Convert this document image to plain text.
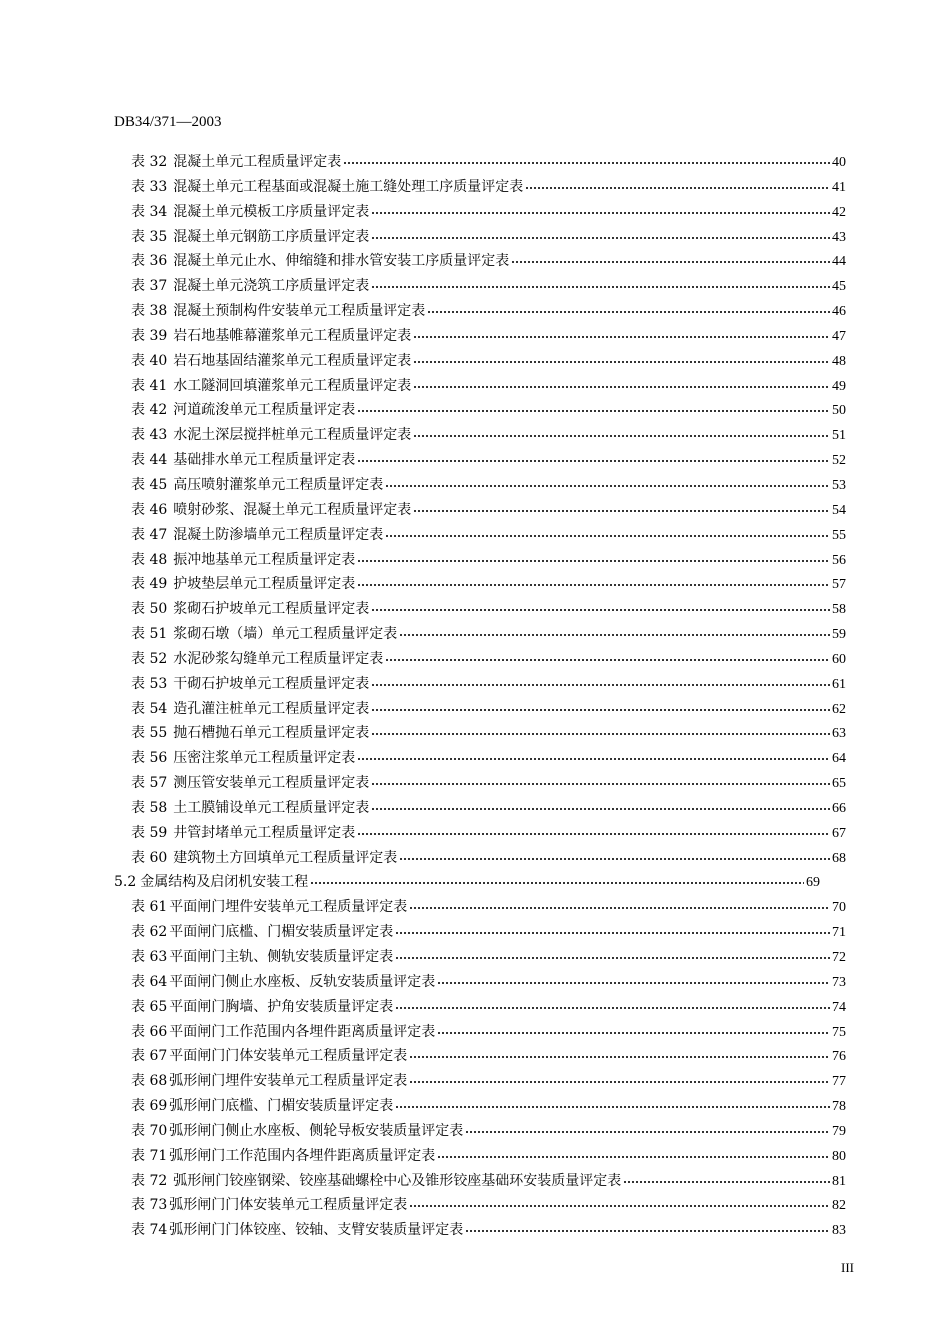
DB34/371—2003
表 32 混凝土单元工程质量评定表	40
表 33 混凝土单元工程基面或混凝土施工缝处理工序质量评定表	41
表 34 混凝土单元模板工序质量评定表	42
表 35 混凝土单元钢筋工序质量评定表	43
表 36 混凝土单元止水、伸缩缝和排水管安装工序质量评定表	44
表 37 混凝土单元浇筑工序质量评定表	45
表 38 混凝土预制构件安装单元工程质量评定表	46
表 39 岩石地基帷幕灌浆单元工程质量评定表	47
表 40 岩石地基固结灌浆单元工程质量评定表	48
表 41 水工隧洞回填灌浆单元工程质量评定表	49
表 42 河道疏浚单元工程质量评定表	50
表 43 水泥土深层搅拌桩单元工程质量评定表	51
表 44 基础排水单元工程质量评定表	52
表 45 高压喷射灌浆单元工程质量评定表	53
表 46 喷射砂浆、混凝土单元工程质量评定表	54
表 47 混凝土防渗墙单元工程质量评定表	55
表 48 振冲地基单元工程质量评定表	56
表 49 护坡垫层单元工程质量评定表	57
表 50 浆砌石护坡单元工程质量评定表	58
表 51 浆砌石墩（墙）单元工程质量评定表	59
表 52 水泥砂浆勾缝单元工程质量评定表	60
表 53 干砌石护坡单元工程质量评定表	61
表 54 造孔灌注桩单元工程质量评定表	62
表 55 抛石槽抛石单元工程质量评定表	63
表 56 压密注浆单元工程质量评定表	64
表 57 测压管安装单元工程质量评定表	65
表 58 土工膜铺设单元工程质量评定表	66
表 59 井管封堵单元工程质量评定表	67
表 60 建筑物土方回填单元工程质量评定表	68
5.2 金属结构及启闭机安装工程	69
表 61 平面闸门埋件安装单元工程质量评定表	70
表 62 平面闸门底槛、门楣安装质量评定表	71
表 63 平面闸门主轨、侧轨安装质量评定表	72
表 64 平面闸门侧止水座板、反轨安装质量评定表	73
表 65 平面闸门胸墙、护角安装质量评定表	74
表 66 平面闸门工作范围内各埋件距离质量评定表	75
表 67 平面闸门门体安装单元工程质量评定表	76
表 68 弧形闸门埋件安装单元工程质量评定表	77
表 69 弧形闸门底槛、门楣安装质量评定表	78
表 70 弧形闸门侧止水座板、侧轮导板安装质量评定表	79
表 71 弧形闸门工作范围内各埋件距离质量评定表	80
表 72 弧形闸门铰座钢梁、铰座基础螺栓中心及锥形铰座基础环安装质量评定表	81
表 73 弧形闸门门体安装单元工程质量评定表	82
表 74 弧形闸门门体铰座、铰轴、支臂安装质量评定表	83
III
